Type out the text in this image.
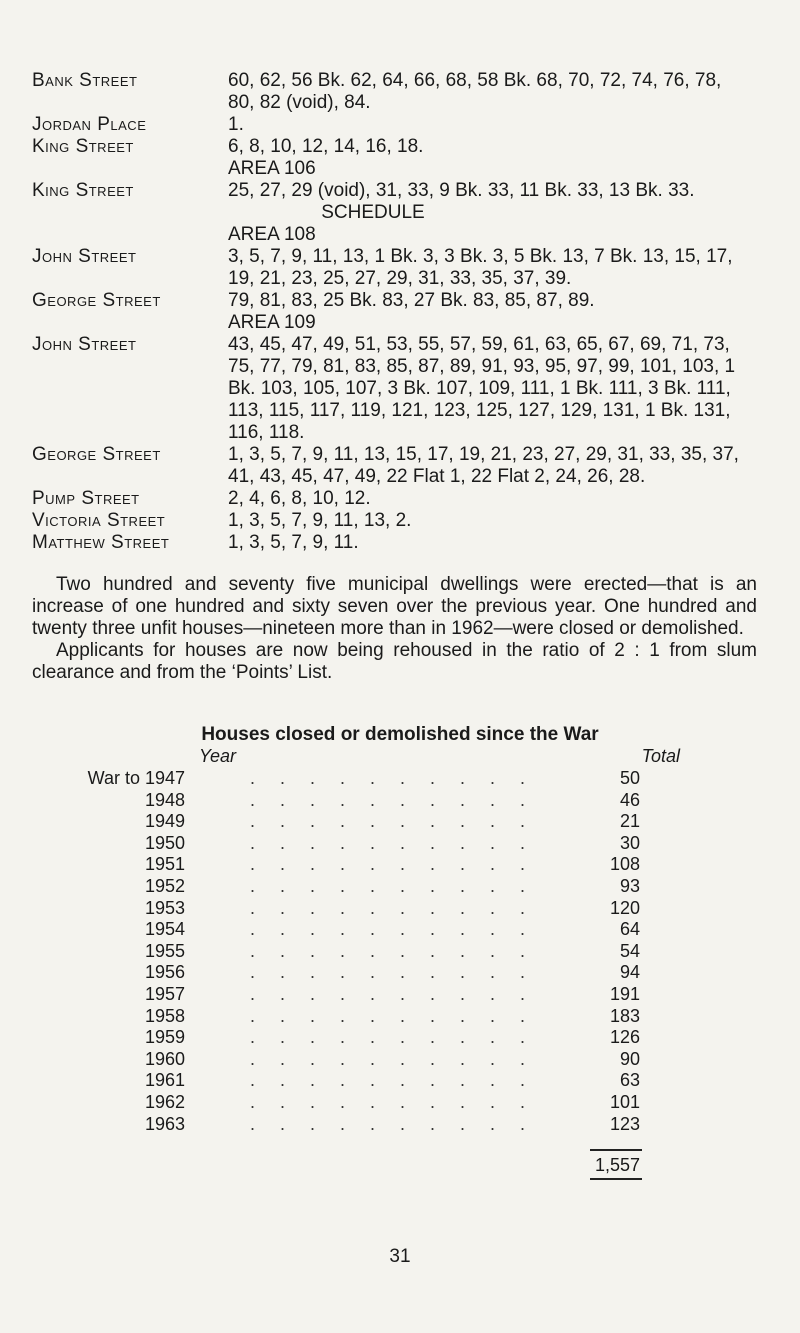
Bank Street	60, 62, 56 Bk. 62, 64, 66, 68, 58 Bk. 68, 70, 72, 74, 76, 78, 80, 82 (void), 84.
Jordan Place	1.
King Street	6, 8, 10, 12, 14, 16, 18.
AREA 106
King Street	25, 27, 29 (void), 31, 33, 9 Bk. 33, 11 Bk. 33, 13 Bk. 33.
SCHEDULE
AREA 108
John Street	3, 5, 7, 9, 11, 13, 1 Bk. 3, 3 Bk. 3, 5 Bk. 13, 7 Bk. 13, 15, 17, 19, 21, 23, 25, 27, 29, 31, 33, 35, 37, 39.
George Street	79, 81, 83, 25 Bk. 83, 27 Bk. 83, 85, 87, 89.
AREA 109
John Street	43, 45, 47, 49, 51, 53, 55, 57, 59, 61, 63, 65, 67, 69, 71, 73, 75, 77, 79, 81, 83, 85, 87, 89, 91, 93, 95, 97, 99, 101, 103, 1 Bk. 103, 105, 107, 3 Bk. 107, 109, 111, 1 Bk. 111, 3 Bk. 111, 113, 115, 117, 119, 121, 123, 125, 127, 129, 131, 1 Bk. 131, 116, 118.
George Street	1, 3, 5, 7, 9, 11, 13, 15, 17, 19, 21, 23, 27, 29, 31, 33, 35, 37, 41, 43, 45, 47, 49, 22 Flat 1, 22 Flat 2, 24, 26, 28.
Pump Street	2, 4, 6, 8, 10, 12.
Victoria Street	1, 3, 5, 7, 9, 11, 13, 2.
Matthew Street	1, 3, 5, 7, 9, 11.

Two hundred and seventy five municipal dwellings were erected—that is an increase of one hundred and sixty seven over the previous year. One hundred and twenty three unfit houses—nineteen more than in 1962—were closed or demolished.

Applicants for houses are now being rehoused in the ratio of 2 : 1 from slum clearance and from the ‘Points’ List.

Houses closed or demolished since the War
Year	Total
War to 1947	. . . . . . . . . .	50
1948	. . . . . . . . . .	46
1949	. . . . . . . . . .	21
1950	. . . . . . . . . .	30
1951	. . . . . . . . . .	108
1952	. . . . . . . . . .	93
1953	. . . . . . . . . .	120
1954	. . . . . . . . . .	64
1955	. . . . . . . . . .	54
1956	. . . . . . . . . .	94
1957	. . . . . . . . . .	191
1958	. . . . . . . . . .	183
1959	. . . . . . . . . .	126
1960	. . . . . . . . . .	90
1961	. . . . . . . . . .	63
1962	. . . . . . . . . .	101
1963	. . . . . . . . . .	123
1,557
31
